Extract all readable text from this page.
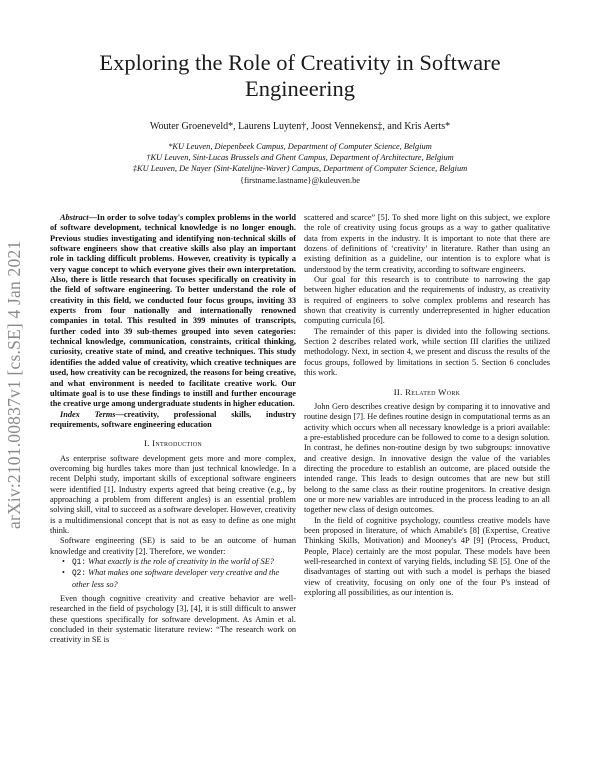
arXiv:2101.00837v1 [cs.SE] 4 Jan 2021
Exploring the Role of Creativity in Software Engineering
Wouter Groeneveld*, Laurens Luyten†, Joost Vennekens‡, and Kris Aerts*
*KU Leuven, Diepenbeek Campus, Department of Computer Science, Belgium
†KU Leuven, Sint-Lucas Brussels and Ghent Campus, Department of Architecture, Belgium
‡KU Leuven, De Nayer (Sint-Katelijne-Waver) Campus, Department of Computer Science, Belgium
{firstname.lastname}@kuleuven.be

Abstract—In order to solve today's complex problems in the world of software development, technical knowledge is no longer enough. Previous studies investigating and identifying non-technical skills of software engineers show that creative skills also play an important role in tackling difficult problems. However, creativity is typically a very vague concept to which everyone gives their own interpretation. Also, there is little research that focuses specifically on creativity in the field of software engineering. To better understand the role of creativity in this field, we conducted four focus groups, inviting 33 experts from four nationally and internationally renowned companies in total. This resulted in 399 minutes of transcripts, further coded into 39 sub-themes grouped into seven categories: technical knowledge, communication, constraints, critical thinking, curiosity, creative state of mind, and creative techniques. This study identifies the added value of creativity, which creative techniques are used, how creativity can be recognized, the reasons for being creative, and what environment is needed to facilitate creative work. Our ultimate goal is to use these findings to instill and further encourage the creative urge among undergraduate students in higher education.

Index Terms—creativity, professional skills, industry requirements, software engineering education

I. Introduction

As enterprise software development gets more and more complex, overcoming big hurdles takes more than just technical knowledge. In a recent Delphi study, important skills of exceptional software engineers were identified [1]. Industry experts agreed that being creative (e.g., by approaching a problem from different angles) is an essential problem solving skill, vital to succeed as a software developer. However, creativity is a multidimensional concept that is not as easy to define as one might think.

Software engineering (SE) is said to be an outcome of human knowledge and creativity [2]. Therefore, we wonder:

• Q1: What exactly is the role of creativity in the world of SE?
• Q2: What makes one software developer very creative and the other less so?

Even though cognitive creativity and creative behavior are well-researched in the field of psychology [3], [4], it is still difficult to answer these questions specifically for software development. As Amin et al. concluded in their systematic literature review: “The research work on creativity in SE is

scattered and scarce” [5]. To shed more light on this subject, we explore the role of creativity using focus groups as a way to gather qualitative data from experts in the industry. It is important to note that there are dozens of definitions of ‘creativity’ in literature. Rather than using an existing definition as a guideline, our intention is to explore what is understood by the term creativity, according to software engineers.

Our goal for this research is to contribute to narrowing the gap between higher education and the requirements of industry, as creativity is required of engineers to solve complex problems and research has shown that creativity is currently underrepresented in higher education computing curricula [6].

The remainder of this paper is divided into the following sections. Section 2 describes related work, while section III clarifies the utilized methodology. Next, in section 4, we present and discuss the results of the focus groups, followed by limitations in section 5. Section 6 concludes this work.

II. Related Work

John Gero describes creative design by comparing it to innovative and routine design [7]. He defines routine design in computational terms as an activity which occurs when all necessary knowledge is a priori available: a pre-established procedure can be followed to come to a design solution. In contrast, he defines non-routine design by two subgroups: innovative and creative design. In innovative design the value of the variables directing the procedure to establish an outcome, are placed outside the intended range. This leads to design outcomes that are new but still belong to the same class as their routine progenitors. In creative design one or more new variables are introduced in the process leading to an all together new class of design outcomes.

In the field of cognitive psychology, countless creative models have been proposed in literature, of which Amabile's [8] (Expertise, Creative Thinking Skills, Motivation) and Mooney's 4P [9] (Process, Product, People, Place) certainly are the most popular. These models have been well-researched in context of varying fields, including SE [5]. One of the disadvantages of starting out with such a model is perhaps the biased view of creativity, focusing on only one of the four P's instead of exploring all possibilities, as our intention is.
